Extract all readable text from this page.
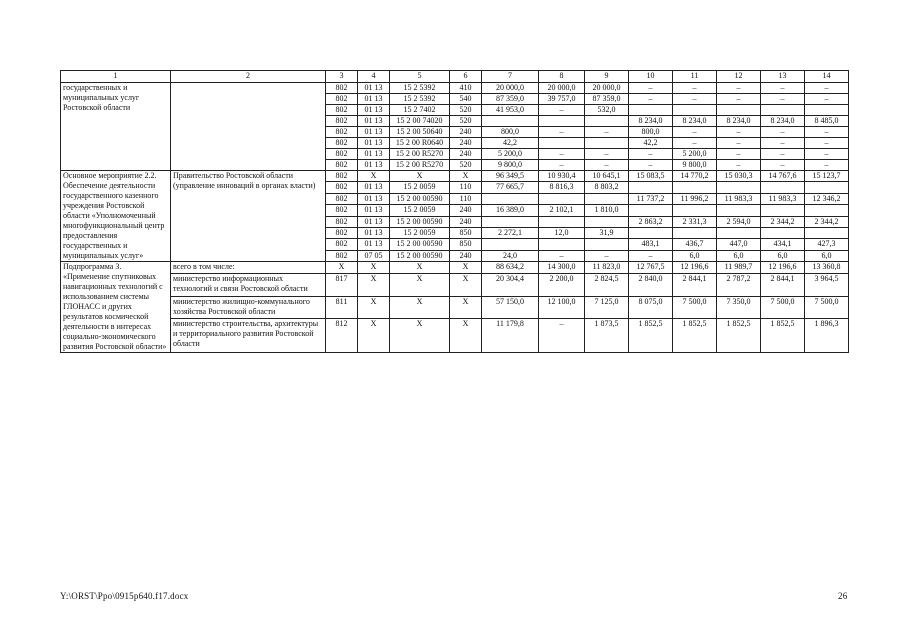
1	2	3	4	5	6	7	8	9	10	11	12	13	14
государственных и муниципальных услуг Ростовской области		802	01 13	15 2 5392	410	20 000,0	20 000,0	20 000,0	–	–	–	–	–
		802	01 13	15 2 5392	540	87 359,0	39 757,0	87 359,0	–	–	–	–	–
		802	01 13	15 2 7402	520	41 953,0	–	532,0					
		802	01 13	15 2 00 74020	520				8 234,0	8 234,0	8 234,0	8 234,0	8 485,0
		802	01 13	15 2 00 50640	240	800,0	–	–	800,0	–	–	–	–
		802	01 13	15 2 00 R0640	240	42,2			42,2	–	–	–	–
		802	01 13	15 2 00 R5270	240	5 200,0	–	–	–	5 200,0	–	–	–
		802	01 13	15 2 00 R5270	520	9 800,0	–	–	–	9 800,0	–	–	–
Основное мероприятие 2.2. Обеспечение деятельности государственного казенного учреждения Ростовской области «Уполномоченный многофункциональный центр предоставления государственных и муниципальных услуг»	Правительство Ростовской области (управление инноваций в органах власти)	802	X	X	X	96 349,5	10 930,4	10 645,1	15 083,5	14 770,2	15 030,3	14 767,6	15 123,7
		802	01 13	15 2 0059	110	77 665,7	8 816,3	8 803,2					
		802	01 13	15 2 00 00590	110				11 737,2	11 996,2	11 983,3	11 983,3	12 346,2
		802	01 13	15 2 0059	240	16 389,0	2 102,1	1 810,0					
		802	01 13	15 2 00 00590	240				2 863,2	2 331,3	2 594,0	2 344,2	2 344,2
		802	01 13	15 2 0059	850	2 272,1	12,0	31,9					
		802	01 13	15 2 00 00590	850				483,1	436,7	447,0	434,1	427,3
		802	07 05	15 2 00 00590	240	24,0	–	–	–	6,0	6,0	6,0	6,0
Подпрограмма 3. «Применение спутниковых навигационных технологий с использованием системы ГЛОНАСС и других результатов космической деятельности в интересах социально-экономического развития Ростовской области»	всего в том числе:	X	X	X	X	88 634,2	14 300,0	11 823,0	12 767,5	12 196,6	11 989,7	12 196,6	13 360,8
	министерство информационных технологий и связи Ростовской области	817	X	X	X	20 304,4	2 200,0	2 824,5	2 840,0	2 844,1	2 787,2	2 844,1	3 964,5
	министерство жилищно-коммунального хозяйства Ростовской области	811	X	X	X	57 150,0	12 100,0	7 125,0	8 075,0	7 500,0	7 350,0	7 500,0	7 500,0
	министерство строительства, архитектуры и территориального развития Ростовской области	812	X	X	X	11 179,8	–	1 873,5	1 852,5	1 852,5	1 852,5	1 852,5	1 896,3
Y:\ORST\Ppo\0915p640.f17.docx	26
